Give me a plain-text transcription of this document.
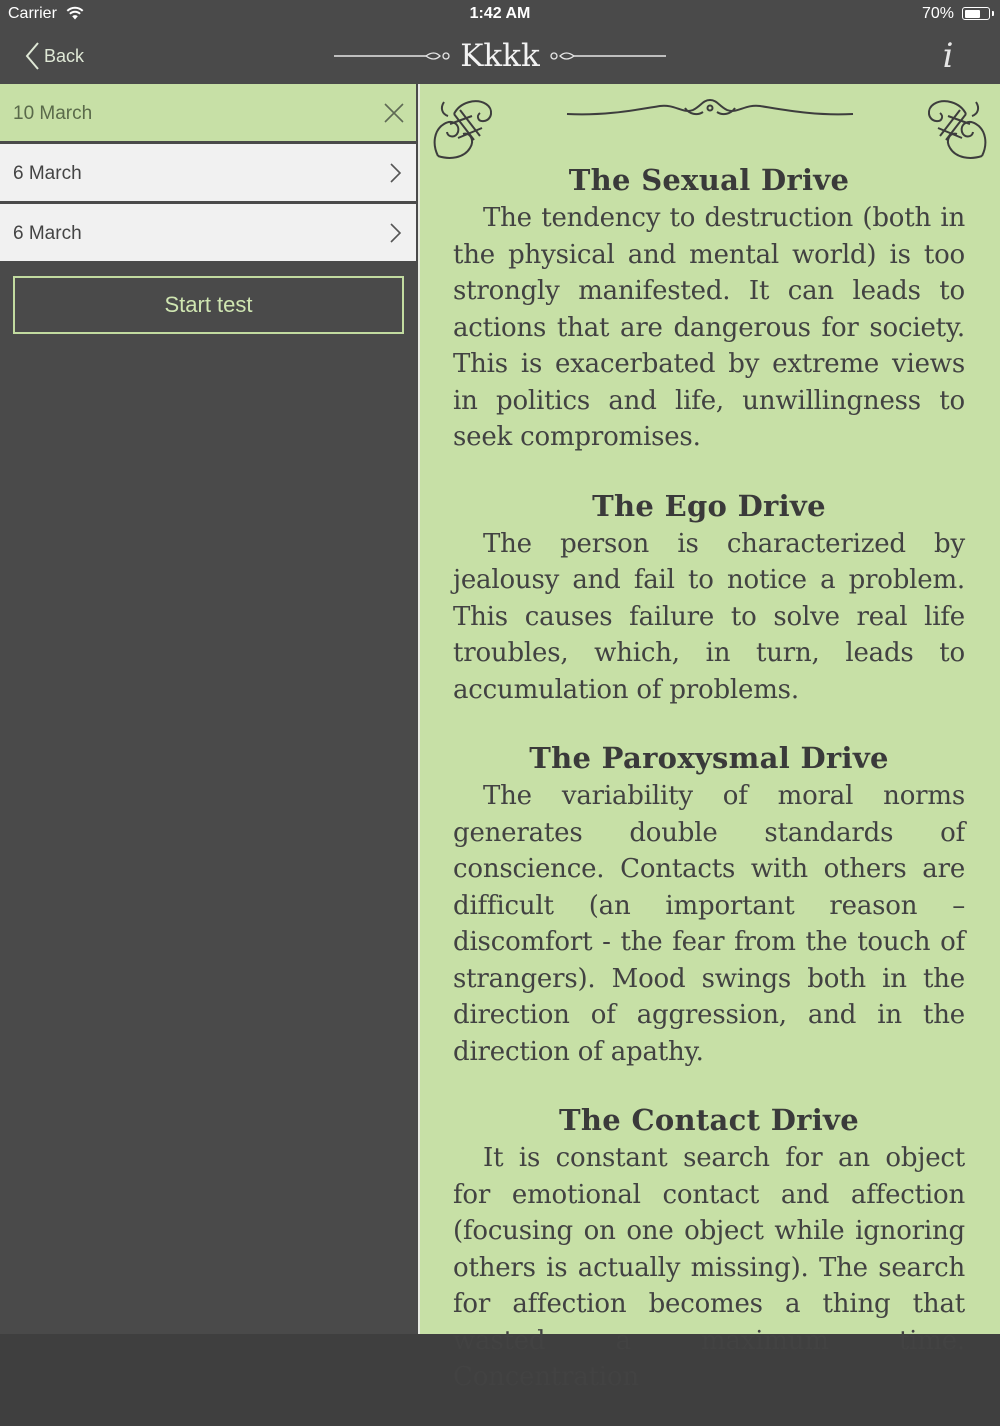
Carrier	1:42 AM	70%
Back	Kkkk	i
10 March
6 March
6 March
Start test
The Sexual Drive

The tendency to destruction (both in the physical and mental world) is too strongly manifested. It can leads to actions that are dangerous for society. This is exacerbated by extreme views in politics and life, unwillingness to seek compromises.

The Ego Drive

The person is characterized by jealousy and fail to notice a problem. This causes failure to solve real life troubles, which, in turn, leads to accumulation of problems.

The Paroxysmal Drive

The variability of moral norms generates double standards of conscience. Contacts with others are difficult (an important reason – discomfort - the fear from the touch of strangers). Mood swings both in the direction of aggression, and in the direction of apathy.

The Contact Drive

It is constant search for an object for emotional contact and affection (focusing on one object while ignoring others is actually missing). The search for affection becomes a thing that wasted a maximum time. Concentration
